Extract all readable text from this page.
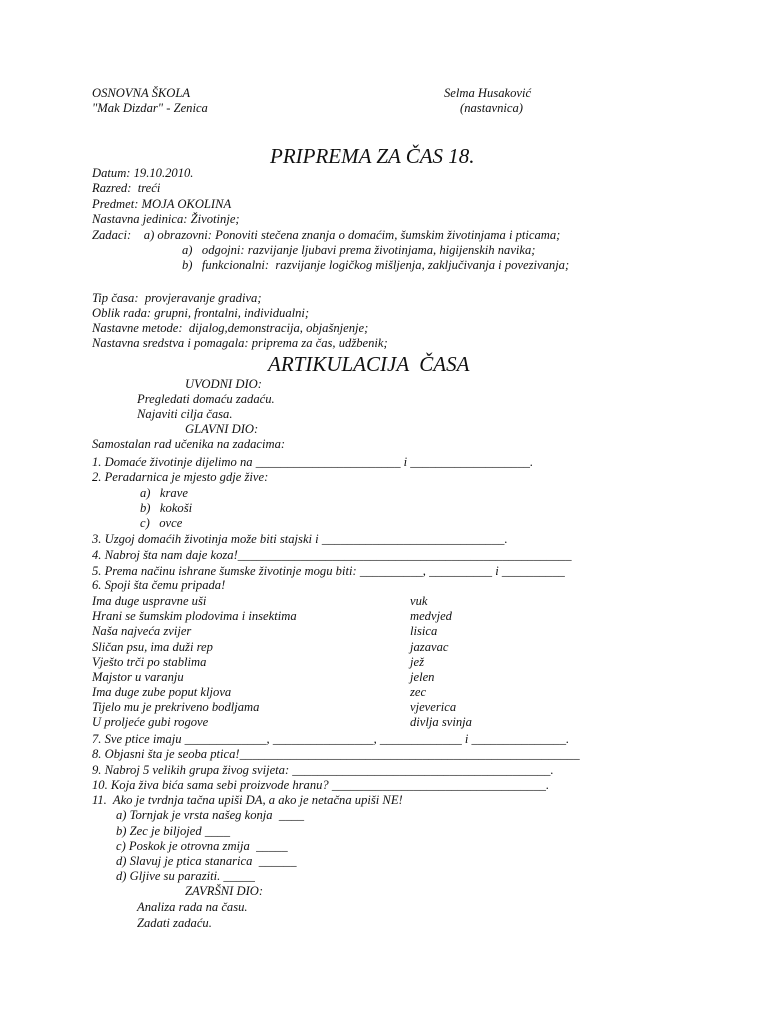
OSNOVNA ŠKOLA
"Mak Dizdar" - Zenica
Selma Husaković
(nastavnica)
PRIPREMA ZA ČAS 18.
Datum: 19.10.2010.
Razred:  treći
Predmet: MOJA OKOLINA
Nastavna jedinica: Životinje;
Zadaci:    a) obrazovni: Ponoviti stečena znanja o domaćim, šumskim životinjama i pticama;
a)   odgojni: razvijanje ljubavi prema životinjama, higijenskih navika;
b)   funkcionalni:  razvijanje logičkog mišljenja, zaključivanja i povezivanja;
Tip časa:  provjeravanje gradiva;
Oblik rada: grupni, frontalni, individualni;
Nastavne metode:  dijalog,demonstracija, objašnjenje;
Nastavna sredstva i pomagala: priprema za čas, udžbenik;
ARTIKULACIJA  ČASA
UVODNI DIO:
Pregledati domaću zadaću.
Najaviti cilja časa.
GLAVNI DIO:
Samostalan rad učenika na zadacima:
1. Domaće životinje dijelimo na _______________________ i ___________________.
2. Peradarnica je mjesto gdje žive:
a)   krave
b)   kokoši
c)   ovce
3. Uzgoj domaćih životinja može biti stajski i _____________________________.
4. Nabroj šta nam daje koza!_____________________________________________________
5. Prema načinu ishrane šumske životinje mogu biti: __________, __________ i __________
6. Spoji šta čemu pripada!
Ima duge uspravne uši	vuk
Hrani se šumskim plodovima i insektima	medvjed
Naša najveća zvijer	lisica
Sličan psu, ima duži rep	jazavac
Vješto trči po stablima	jež
Majstor u varanju	jelen
Ima duge zube poput kljova	zec
Tijelo mu je prekriveno bodljama	vjeverica
U proljeće gubi rogove	divlja svinja
7. Sve ptice imaju _____________, ________________, _____________ i _______________.
8. Objasni šta je seoba ptica!______________________________________________________
9. Nabroj 5 velikih grupa živog svijeta: _________________________________________.
10. Koja živa bića sama sebi proizvode hranu? __________________________________.
11.  Ako je tvrdnja tačna upiši DA, a ako je netačna upiši NE!
a) Tornjak je vrsta našeg konja  ____
b) Zec je biljojed ____
c) Poskok je otrovna zmija  _____
d) Slavuj je ptica stanarica  ______
d) Gljive su paraziti. _____
ZAVRŠNI DIO:
Analiza rada na času.
Zadati zadaću.
